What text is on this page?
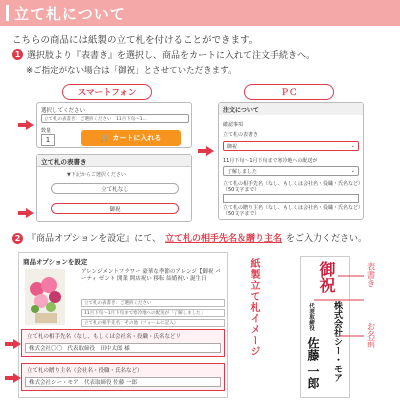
立て札について
こちらの商品には紙製の立て札を付けることができます。
1 選択肢より『表書き』を選択し、商品をカートに入れて注文手続きへ。
※ご指定がない場合は「御祝」とさせていただきます。
スマートフォン
選択してください
立て札の表書き：ご選択ください　11月下旬〜1…
数量
1	🛒 カートに入れる
立て札の表書き
▼下記からご選択ください
立て札なし
御祝
ＰＣ
注文について
確認事項
立て札の表書き
御祝	⌄
11月下旬〜1月下旬まで寒冷地への配送が
了解しました	⌄
立て札の相手先名（なし、もしくは会社名・役職・氏名など）（50文字まで）
立て札の贈り主名（なし、もしくは会社名・役職・氏名など）（50文字まで）
2 『商品オプションを設定』にて、 立て札の相手先名＆贈り主名 をご入力ください。
商品オプションを設定
アレンジメントフラワー 豪華な季節のアレンジ【御祝 パーティ ゼント 開業 開店祝い 移転 結婚祝い 誕生日
立て札の表書き：ご選択ください
11月下旬〜1月下旬まで寒冷地への配送が「了解しました」
立て札の相手先名：その他（フォームに記入）
立て札の相手先名（なし、もしくは会社名・役職・氏名などリ
株式会社〇〇　代表取締役　田中太郎 様
立て札の贈り主名（会社名・役職・氏名など）
株式会社シー・モア　代表取締役 佐藤 一郎
紙製立て札イメージ	御祝
株式会社シー・モア
代表取締役
佐藤 一郎
表書き
お名前
